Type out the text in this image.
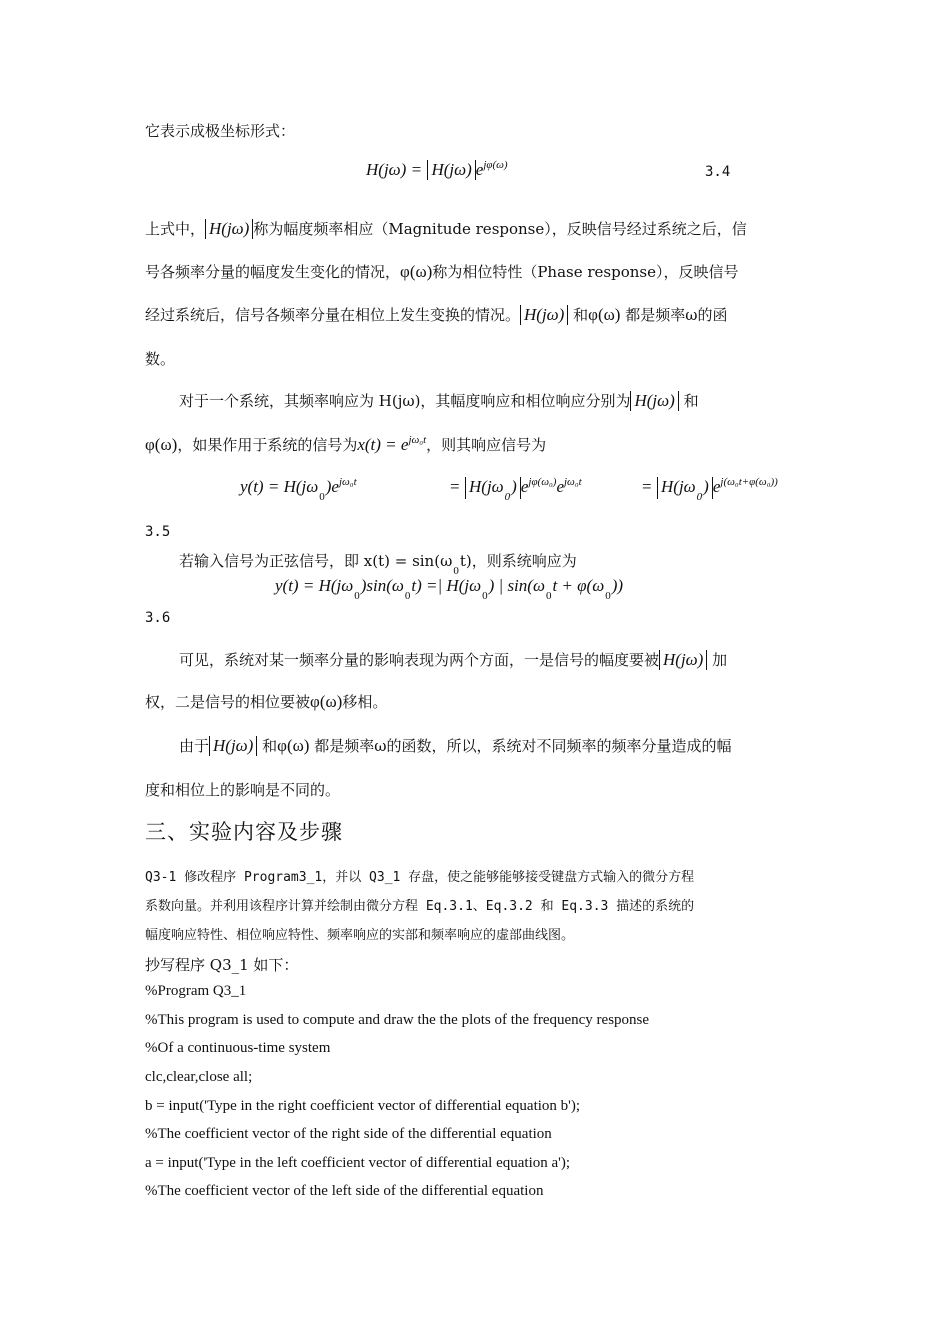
它表示成极坐标形式：
H(jω) = H(jω) $e^{j\varphi(\omega)}$	3.4
上式中， H(jω) 称为幅度频率相应（Magnitude response），反映信号经过系统之后，信
号各频率分量的幅度发生变化的情况，φ(ω)称为相位特性（Phase response），反映信号
经过系统后，信号各频率分量在相位上发生变换的情况。 H(jω) 和φ(ω) 都是频率ω的函
数。
对于一个系统，其频率响应为 H(jω)，其幅度响应和相位响应分别为 H(jω) 和
φ(ω)，如果作用于系统的信号为$x(t) = e^{j\omega_0t}$，则其响应信号为
$y(t) = H(j\omega_0)e^{j\omega_0t}$	= $H(j\omega_0)$ $e^{j\varphi(\omega_0)}e^{j\omega_0t}$	= $H(j\omega_0)$ $e^{j(\omega_0t+\varphi(\omega_0))}$
3.5
若输入信号为正弦信号，即 $x(t) = \sin(\omega_0t)$，则系统响应为
$y(t) = H(j\omega_0)\sin(\omega_0t)$ =| $H(j\omega_0)$ | $\sin(\omega_0t + \varphi(\omega_0))$
3.6
可见，系统对某一频率分量的影响表现为两个方面，一是信号的幅度要被 H(jω) 加
权，二是信号的相位要被φ(ω)移相。
由于 H(jω) 和φ(ω) 都是频率ω的函数，所以，系统对不同频率的频率分量造成的幅
度和相位上的影响是不同的。
三、实验内容及步骤
Q3-1 修改程序 Program3_1，并以 Q3_1 存盘，使之能够能够接受键盘方式输入的微分方程
系数向量。并利用该程序计算并绘制由微分方程 Eq.3.1、Eq.3.2 和 Eq.3.3 描述的系统的
幅度响应特性、相位响应特性、频率响应的实部和频率响应的虚部曲线图。
抄写程序 Q3_1 如下：
%Program Q3_1
%This program is used to compute and draw the the plots of the frequency response
%Of a continuous-time system
clc,clear,close all;
b = input('Type in the right coefficient vector of differential equation b');
%The coefficient vector of the right side of the differential equation
a = input('Type in the left coefficient vector of differential equation a');
%The coefficient vector of the left side of the differential equation
